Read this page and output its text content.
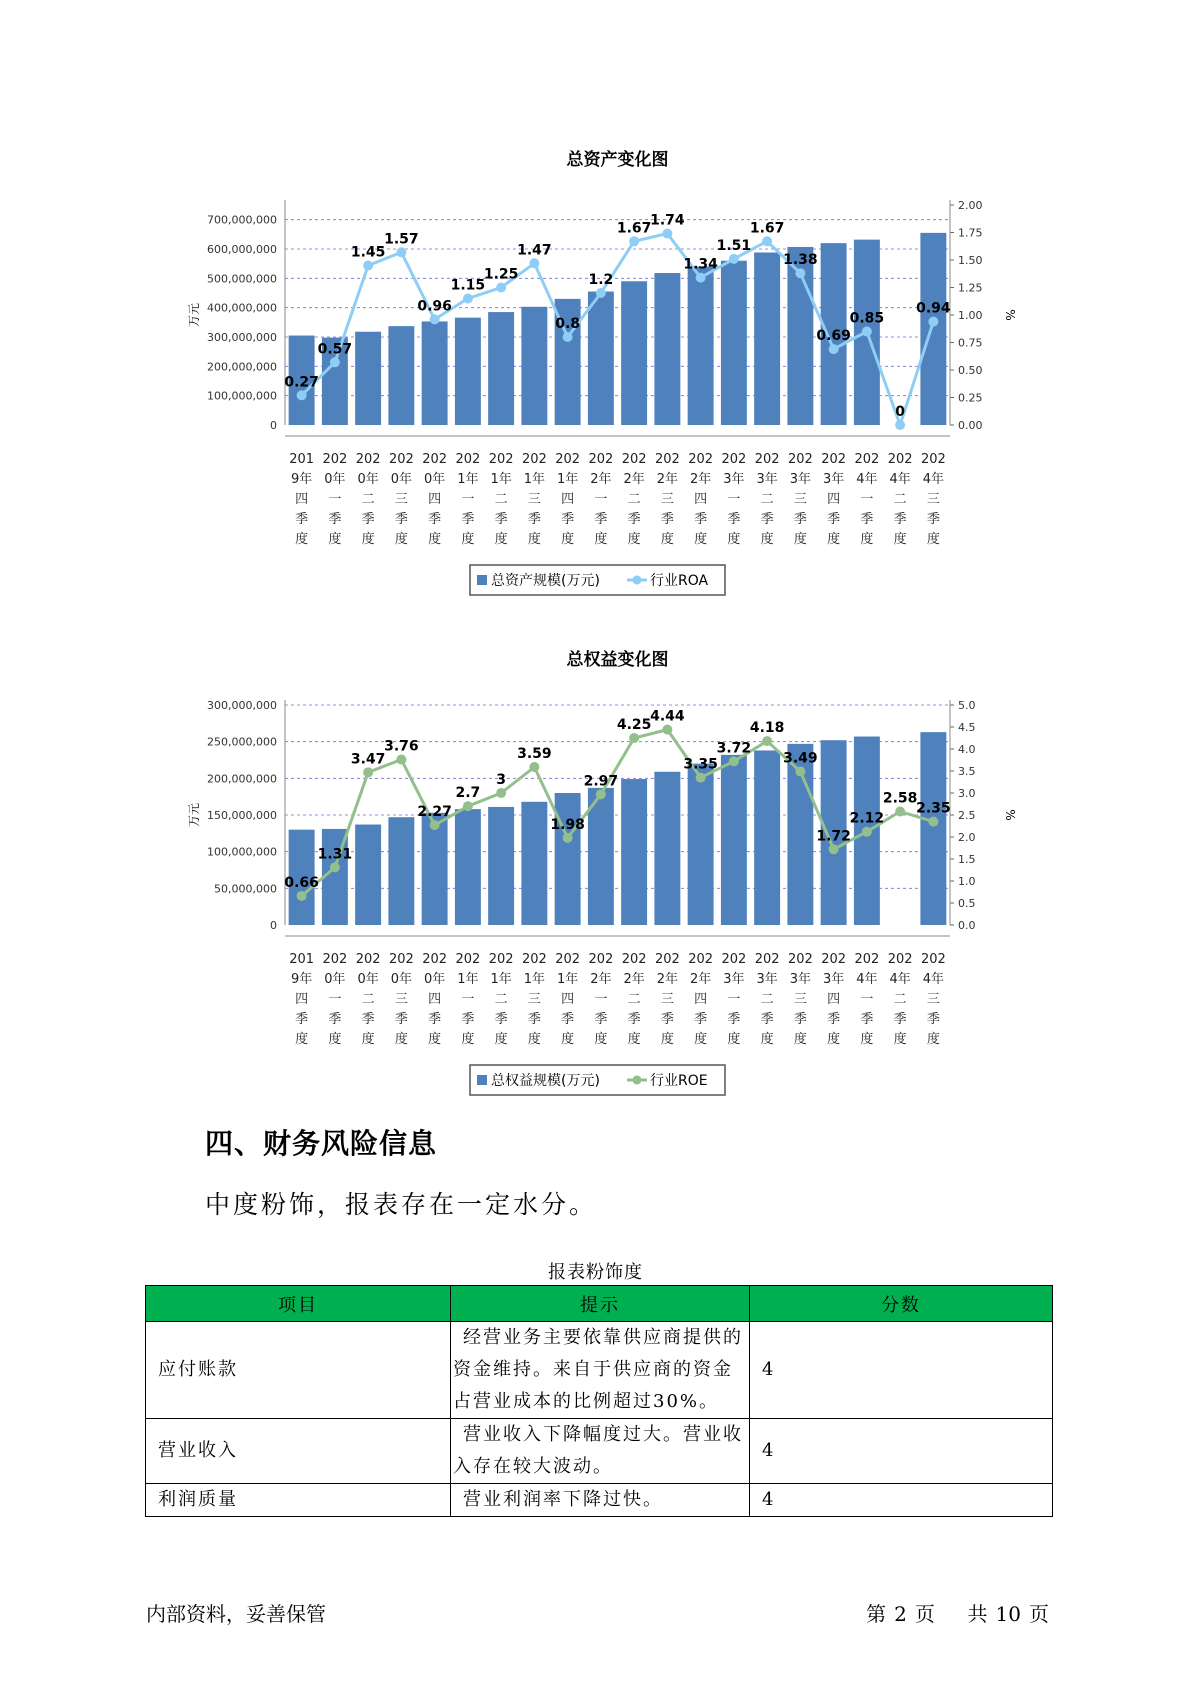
总资产变化图
0
100,000,000
200,000,000
300,000,000
400,000,000
500,000,000
600,000,000
700,000,000
0.00
0.25
0.50
0.75
1.00
1.25
1.50
1.75
2.00
万元	%
0.27
0.57
1.45
1.57
0.96
1.15
1.25
1.47
0.8
1.2
1.67
1.74
1.34
1.51
1.67
1.38
0.69
0.85
0
0.94
201 9年四季度
202 0年一季度
202 0年二季度
202 0年三季度
202 0年四季度
202 1年一季度
202 1年二季度
202 1年三季度
202 1年四季度
202 2年一季度
202 2年二季度
202 2年三季度
202 2年四季度
202 3年一季度
202 3年二季度
202 3年三季度
202 3年四季度
202 4年一季度
202 4年二季度
202 4年三季度
总资产规模(万元)	行业ROA
总权益变化图
0
50,000,000
100,000,000
150,000,000
200,000,000
250,000,000
300,000,000
0.0
0.5
1.0
1.5
2.0
2.5
3.0
3.5
4.0
4.5
5.0
万元	%
0.66
1.31
3.47
3.76
2.27
2.7
3
3.59
1.98
2.97
4.25
4.44
3.35
3.72
4.18
3.49
1.72
2.12
2.58
2.35
201 9年四季度
202 0年一季度
202 0年二季度
202 0年三季度
202 0年四季度
202 1年一季度
202 1年二季度
202 1年三季度
202 1年四季度
202 2年一季度
202 2年二季度
202 2年三季度
202 2年四季度
202 3年一季度
202 3年二季度
202 3年三季度
202 3年四季度
202 4年一季度
202 4年二季度
202 4年三季度
总权益规模(万元)	行业ROE
四、财务风险信息
中度粉饰，报表存在一定水分。
报表粉饰度
项目	提示	分数
应付账款	经营业务主要依靠供应商提供的资金维持。来自于供应商的资金占营业成本的比例超过30%。	4
营业收入	营业收入下降幅度过大。营业收入存在较大波动。	4
利润质量	营业利润率下降过快。	4
内部资料，妥善保管	第 2 页 共 10 页
